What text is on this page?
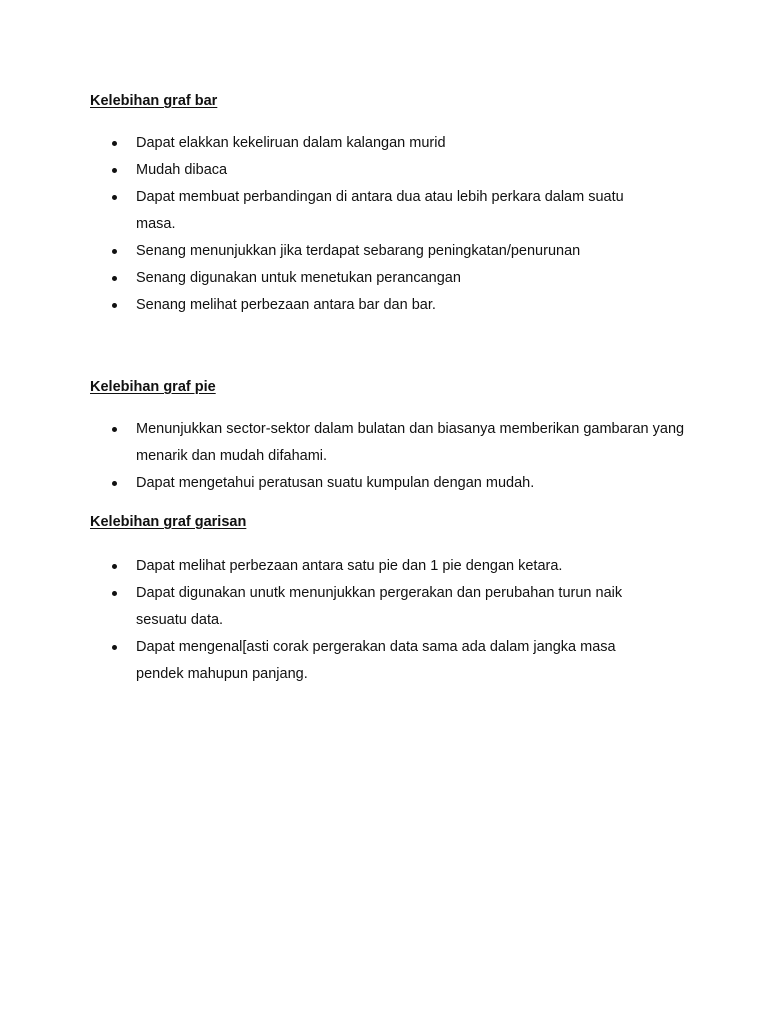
Kelebihan graf bar

Dapat elakkan kekeliruan dalam kalangan murid
Mudah dibaca
Dapat membuat perbandingan di antara dua atau lebih perkara dalam suatu masa.
Senang menunjukkan jika terdapat sebarang peningkatan/penurunan
Senang digunakan untuk menetukan perancangan
Senang melihat perbezaan antara bar dan bar.

Kelebihan graf pie

Menunjukkan sector-sektor dalam bulatan dan biasanya memberikan gambaran yang menarik dan mudah difahami.
Dapat mengetahui peratusan suatu kumpulan dengan mudah.

Kelebihan graf garisan

Dapat melihat perbezaan antara satu pie dan 1 pie dengan ketara.
Dapat digunakan unutk menunjukkan pergerakan dan perubahan turun naik sesuatu data.
Dapat mengenal[asti corak pergerakan data sama ada dalam jangka masa pendek mahupun panjang.
